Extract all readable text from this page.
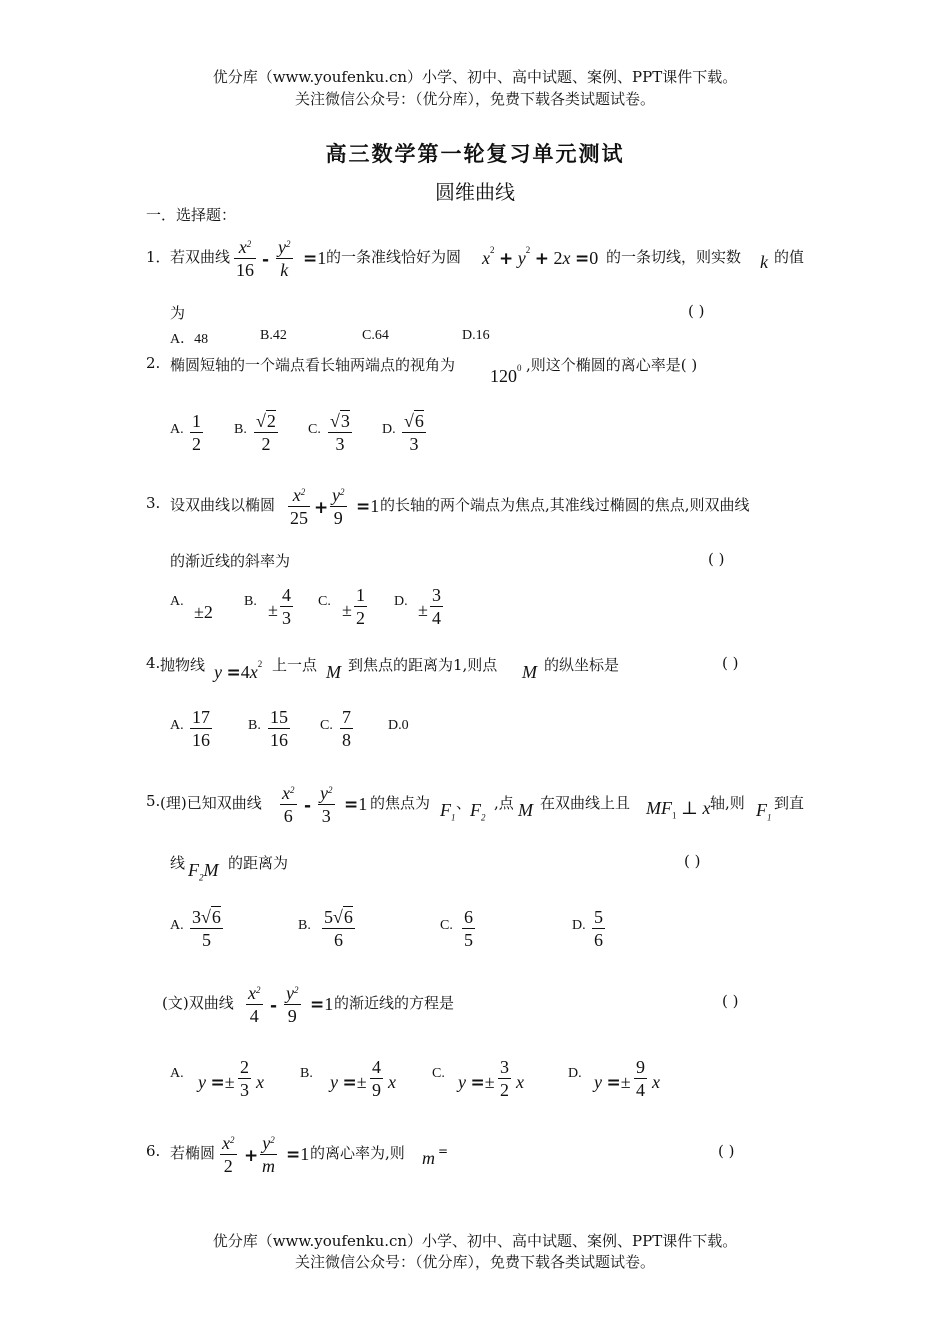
优分库（www.youfenku.cn）小学、初中、高中试题、案例、PPT课件下载。
关注微信公众号：（优分库），免费下载各类试题试卷。
高三数学第一轮复习单元测试
圆维曲线
一．选择题：
1． 若双曲线 $x^2$
16 -
$y^2$
k
=1 的一条准线恰好为圆 $x^2 + y^2 + 2x =0$ 的一条切线，则实数 k 的值
为	( )
A．48	B.42	C.64	D.16
2. 椭圆短轴的一个端点看长轴两端点的视角为
$120^0$ ,则这个椭圆的离心率是( )
A. 1
2
B. √2
2
C. √3
3
D. √6
3
3. 设双曲线以椭圆 $x^2$
25 +
$y^2$
9
=1 的长轴的两个端点为焦点,其准线过椭圆的焦点,则双曲线
的渐近线的斜率为	( )
A.
±2
B. ±
4
3
C. ±
1
2
D. ±
3
4
4. 抛物线 $y =4x^2$ 上一点 M 到焦点的距离为1,则点 M 的纵坐标是	( )
A. 17
16
B. 15
16
C. 7
8
D.0
5. (理)已知双曲线 $x^2$
6 -
$y^2$
3
=1 的焦点为 $F_1$
、
$F_2$
,点 M 在双曲线上且 $MF_1$ ⊥ x 轴,则 $F_1$
到直
线 $F_2M$ 的距离为	( )
A. 3√6
5
B. 5√6
6
C. 6
5
D. 5
6
(文)双曲线 $x^2$
4 -
$y^2$
9
=1 的渐近线的方程是	( )
A. y =±
2
3 x	B. y =±
4
9 x	C. y =±
3
2 x	D. y =±
9
4 x
6. 若椭圆 $x^2$
2 +
$y^2$
m
=1 的离心率为,则 m =	( )
优分库（www.youfenku.cn）小学、初中、高中试题、案例、PPT课件下载。
关注微信公众号：（优分库），免费下载各类试题试卷。
